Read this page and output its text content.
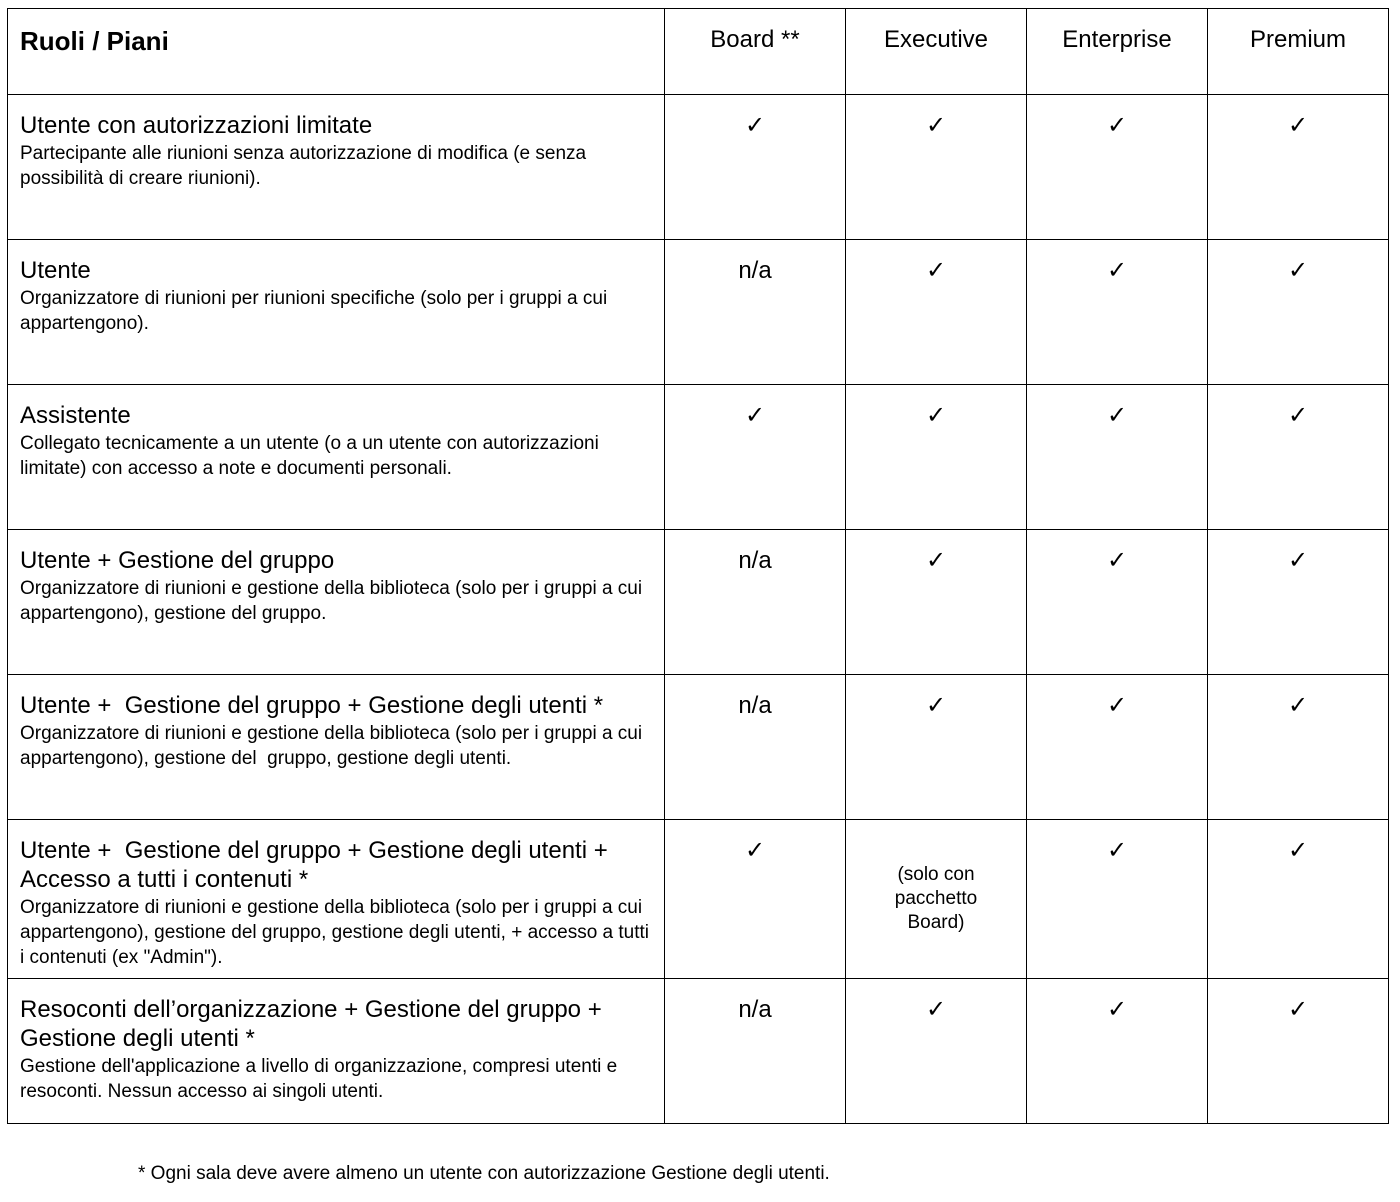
Ruoli / Piani	Board **	Executive	Enterprise	Premium

Utente con autorizzazioni limitate
Partecipante alle riunioni senza autorizzazione di modifica (e senza possibilità di creare riunioni).	✓	✓	✓	✓

Utente
Organizzatore di riunioni per riunioni specifiche (solo per i gruppi a cui appartengono).	n/a	✓	✓	✓

Assistente
Collegato tecnicamente a un utente (o a un utente con autorizzazioni limitate) con accesso a note e documenti personali.	✓	✓	✓	✓

Utente + Gestione del gruppo
Organizzatore di riunioni e gestione della biblioteca (solo per i gruppi a cui appartengono), gestione del gruppo.	n/a	✓	✓	✓

Utente +  Gestione del gruppo + Gestione degli utenti *
Organizzatore di riunioni e gestione della biblioteca (solo per i gruppi a cui appartengono), gestione del  gruppo, gestione degli utenti.	n/a	✓	✓	✓

Utente +  Gestione del gruppo + Gestione degli utenti + Accesso a tutti i contenuti *
Organizzatore di riunioni e gestione della biblioteca (solo per i gruppi a cui appartengono), gestione del gruppo, gestione degli utenti, + accesso a tutti i contenuti (ex "Admin").	✓	(solo con pacchetto Board)	✓	✓

Resoconti dell’organizzazione + Gestione del gruppo + Gestione degli utenti *
Gestione dell'applicazione a livello di organizzazione, compresi utenti e resoconti. Nessun accesso ai singoli utenti.	n/a	✓	✓	✓
* Ogni sala deve avere almeno un utente con autorizzazione Gestione degli utenti.
